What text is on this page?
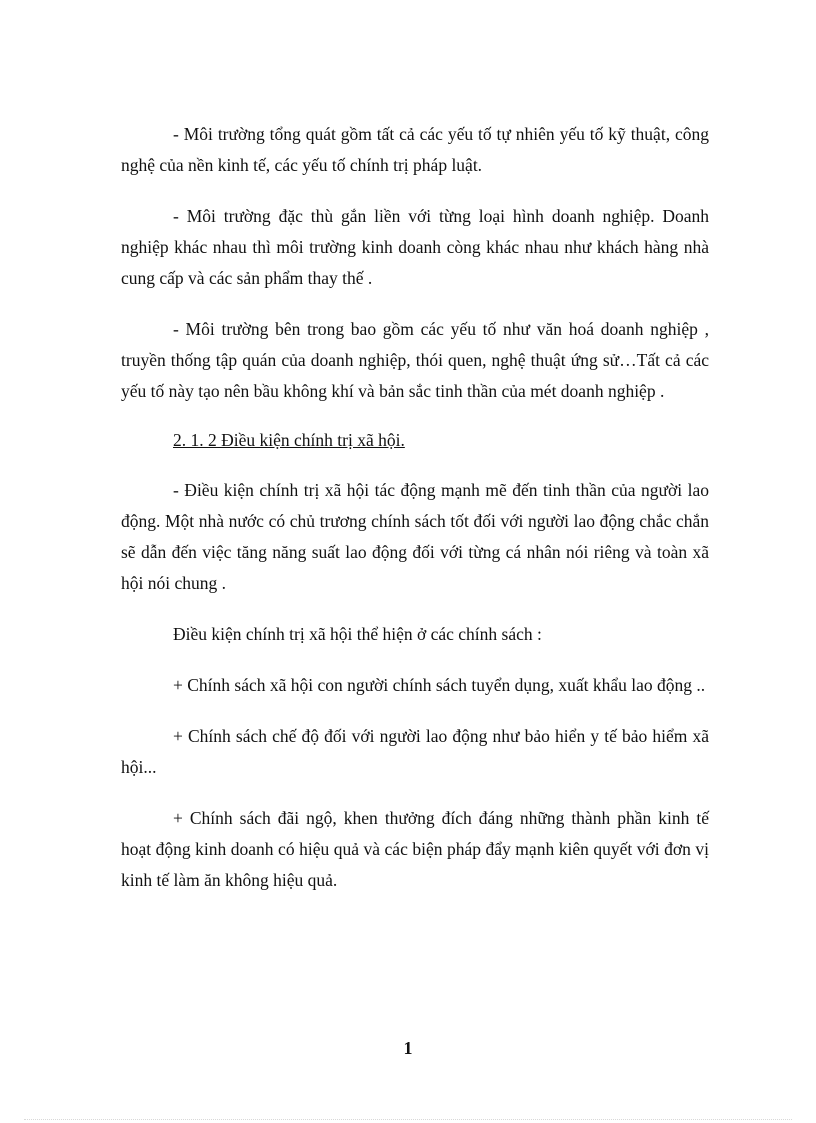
- Môi trường tổng quát gồm tất cả các yếu tố tự nhiên yếu tố kỹ thuật, công nghệ của nền kinh tế, các yếu tố chính trị pháp luật.

- Môi trường đặc thù gắn liền với từng loại hình doanh nghiệp. Doanh nghiệp khác nhau thì môi trường kinh doanh còng khác nhau như khách hàng nhà cung cấp và các sản phẩm thay thế .

- Môi trường bên trong bao gồm các yếu tố như văn hoá doanh nghiệp , truyền thống tập quán của doanh nghiệp, thói quen, nghệ thuật ứng sử…Tất cả các yếu tố này tạo nên bầu không khí và bản sắc tinh thần của mét doanh nghiệp .

2. 1. 2 Điều kiện chính trị xã hội.

- Điều kiện chính trị xã hội tác động mạnh mẽ đến tinh thần của người lao động. Một nhà nước có chủ trương chính sách tốt đối với người lao động chắc chắn sẽ dẫn đến việc tăng năng suất lao động đối với từng cá nhân nói riêng và toàn xã hội nói chung .

Điều kiện chính trị xã hội thể hiện ở các chính sách :

+ Chính sách xã hội con người chính sách tuyển dụng, xuất khẩu lao động ..

+ Chính sách chế độ đối với người lao động như bảo hiển y tế bảo hiểm xã hội...

+ Chính sách đãi ngộ, khen thưởng đích đáng những thành phần kinh tế hoạt động kinh doanh có hiệu quả và các biện pháp đẩy mạnh kiên quyết với đơn vị kinh tế làm ăn không hiệu quả.

1
